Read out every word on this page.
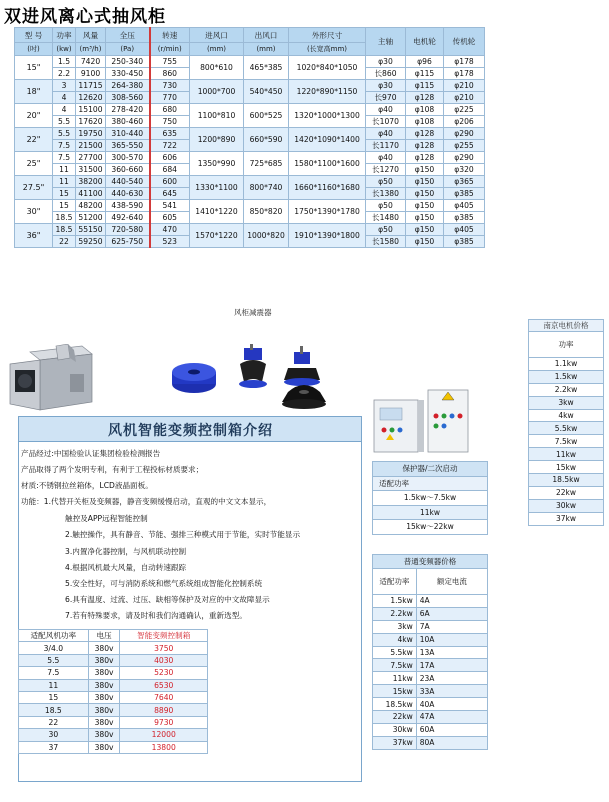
双进风离心式抽风柜
型 号	功率	风量	全压	转速	进风口	出风口	外形尺寸	主轴	电机轮	传机轮
(吋)	(kw)	(m³/h)	(Pa)	(r/min)	(mm)	(mm)	(长宽高mm)			
15"	1.5	7420	250-340	755	800*610	465*385	1020*840*1050	φ30	φ96	φ178
	2.2	9100	330-450	860				长860	φ115	φ178
18"	3	11715	264-380	730	1000*700	540*450	1220*890*1150	φ30	φ115	φ210
	4	12620	308-560	770				长970	φ128	φ210
20"	4	15100	278-420	680	1100*810	600*525	1320*1000*1300	φ40	φ108	φ225
	5.5	17620	380-460	750				长1070	φ108	φ206
22"	5.5	19750	310-440	635	1200*890	660*590	1420*1090*1400	φ40	φ128	φ290
	7.5	21500	365-550	722				长1170	φ128	φ255
25"	7.5	27700	300-570	606	1350*990	725*685	1580*1100*1600	φ40	φ128	φ290
	11	31500	360-660	684				长1270	φ150	φ320
27.5"	11	38200	440-540	600	1330*1100	800*740	1660*1160*1680	φ50	φ150	φ365
	15	41100	440-630	645				长1380	φ150	φ385
30"	15	48200	438-590	541	1410*1220	850*820	1750*1390*1780	φ50	φ150	φ405
	18.5	51200	492-640	605				长1480	φ150	φ385
36"	18.5	55150	720-580	470	1570*1220	1000*820	1910*1390*1800	φ50	φ150	φ405
	22	59250	625-750	523				长1580	φ150	φ385
风柜减震器
南京电机价格
功率
1.1kw
1.5kw
2.2kw
3kw
4kw
5.5kw
7.5kw
11kw
15kw
18.5kw
22kw
30kw
37kw
风机智能变频控制箱介绍
产品经过:中国检验认证集团检验检测报告
产品取得了两个发明专利，有利于工程投标材质要求；
材质:不锈钢拉丝箱体，LCD液晶面板。
功能：1.代替开关柜及变频器，静音变频缓慢启动，直观的中文文本显示，
触控及APP远程智能控制
2.触控操作，具有静音、节能、强排三种模式用于节能，实时节能显示
3.内置净化器控制，与风机联动控制
4.根据风机最大风量，自动转速跟踪
5.安全性好，可与消防系统和燃气系统组成智能化控制系统
6.具有温度、过流、过压、缺相等保护及对应的中文故障显示
7.若有特殊要求，请及时和我们沟通确认，重新选型。
适配风机功率	电压	智能变频控制箱
3/4.0	380v	3750
5.5	380v	4030
7.5	380v	5230
11	380v	6530
15	380v	7640
18.5	380v	8890
22	380v	9730
30	380v	12000
37	380v	13800
保护器/二次启动
适配功率
1.5kw～7.5kw
11kw
15kw～22kw
普通变频器价格	
适配功率	额定电流
1.5kw	4A
2.2kw	6A
3kw	7A
4kw	10A
5.5kw	13A
7.5kw	17A
11kw	23A
15kw	33A
18.5kw	40A
22kw	47A
30kw	60A
37kw	80A
